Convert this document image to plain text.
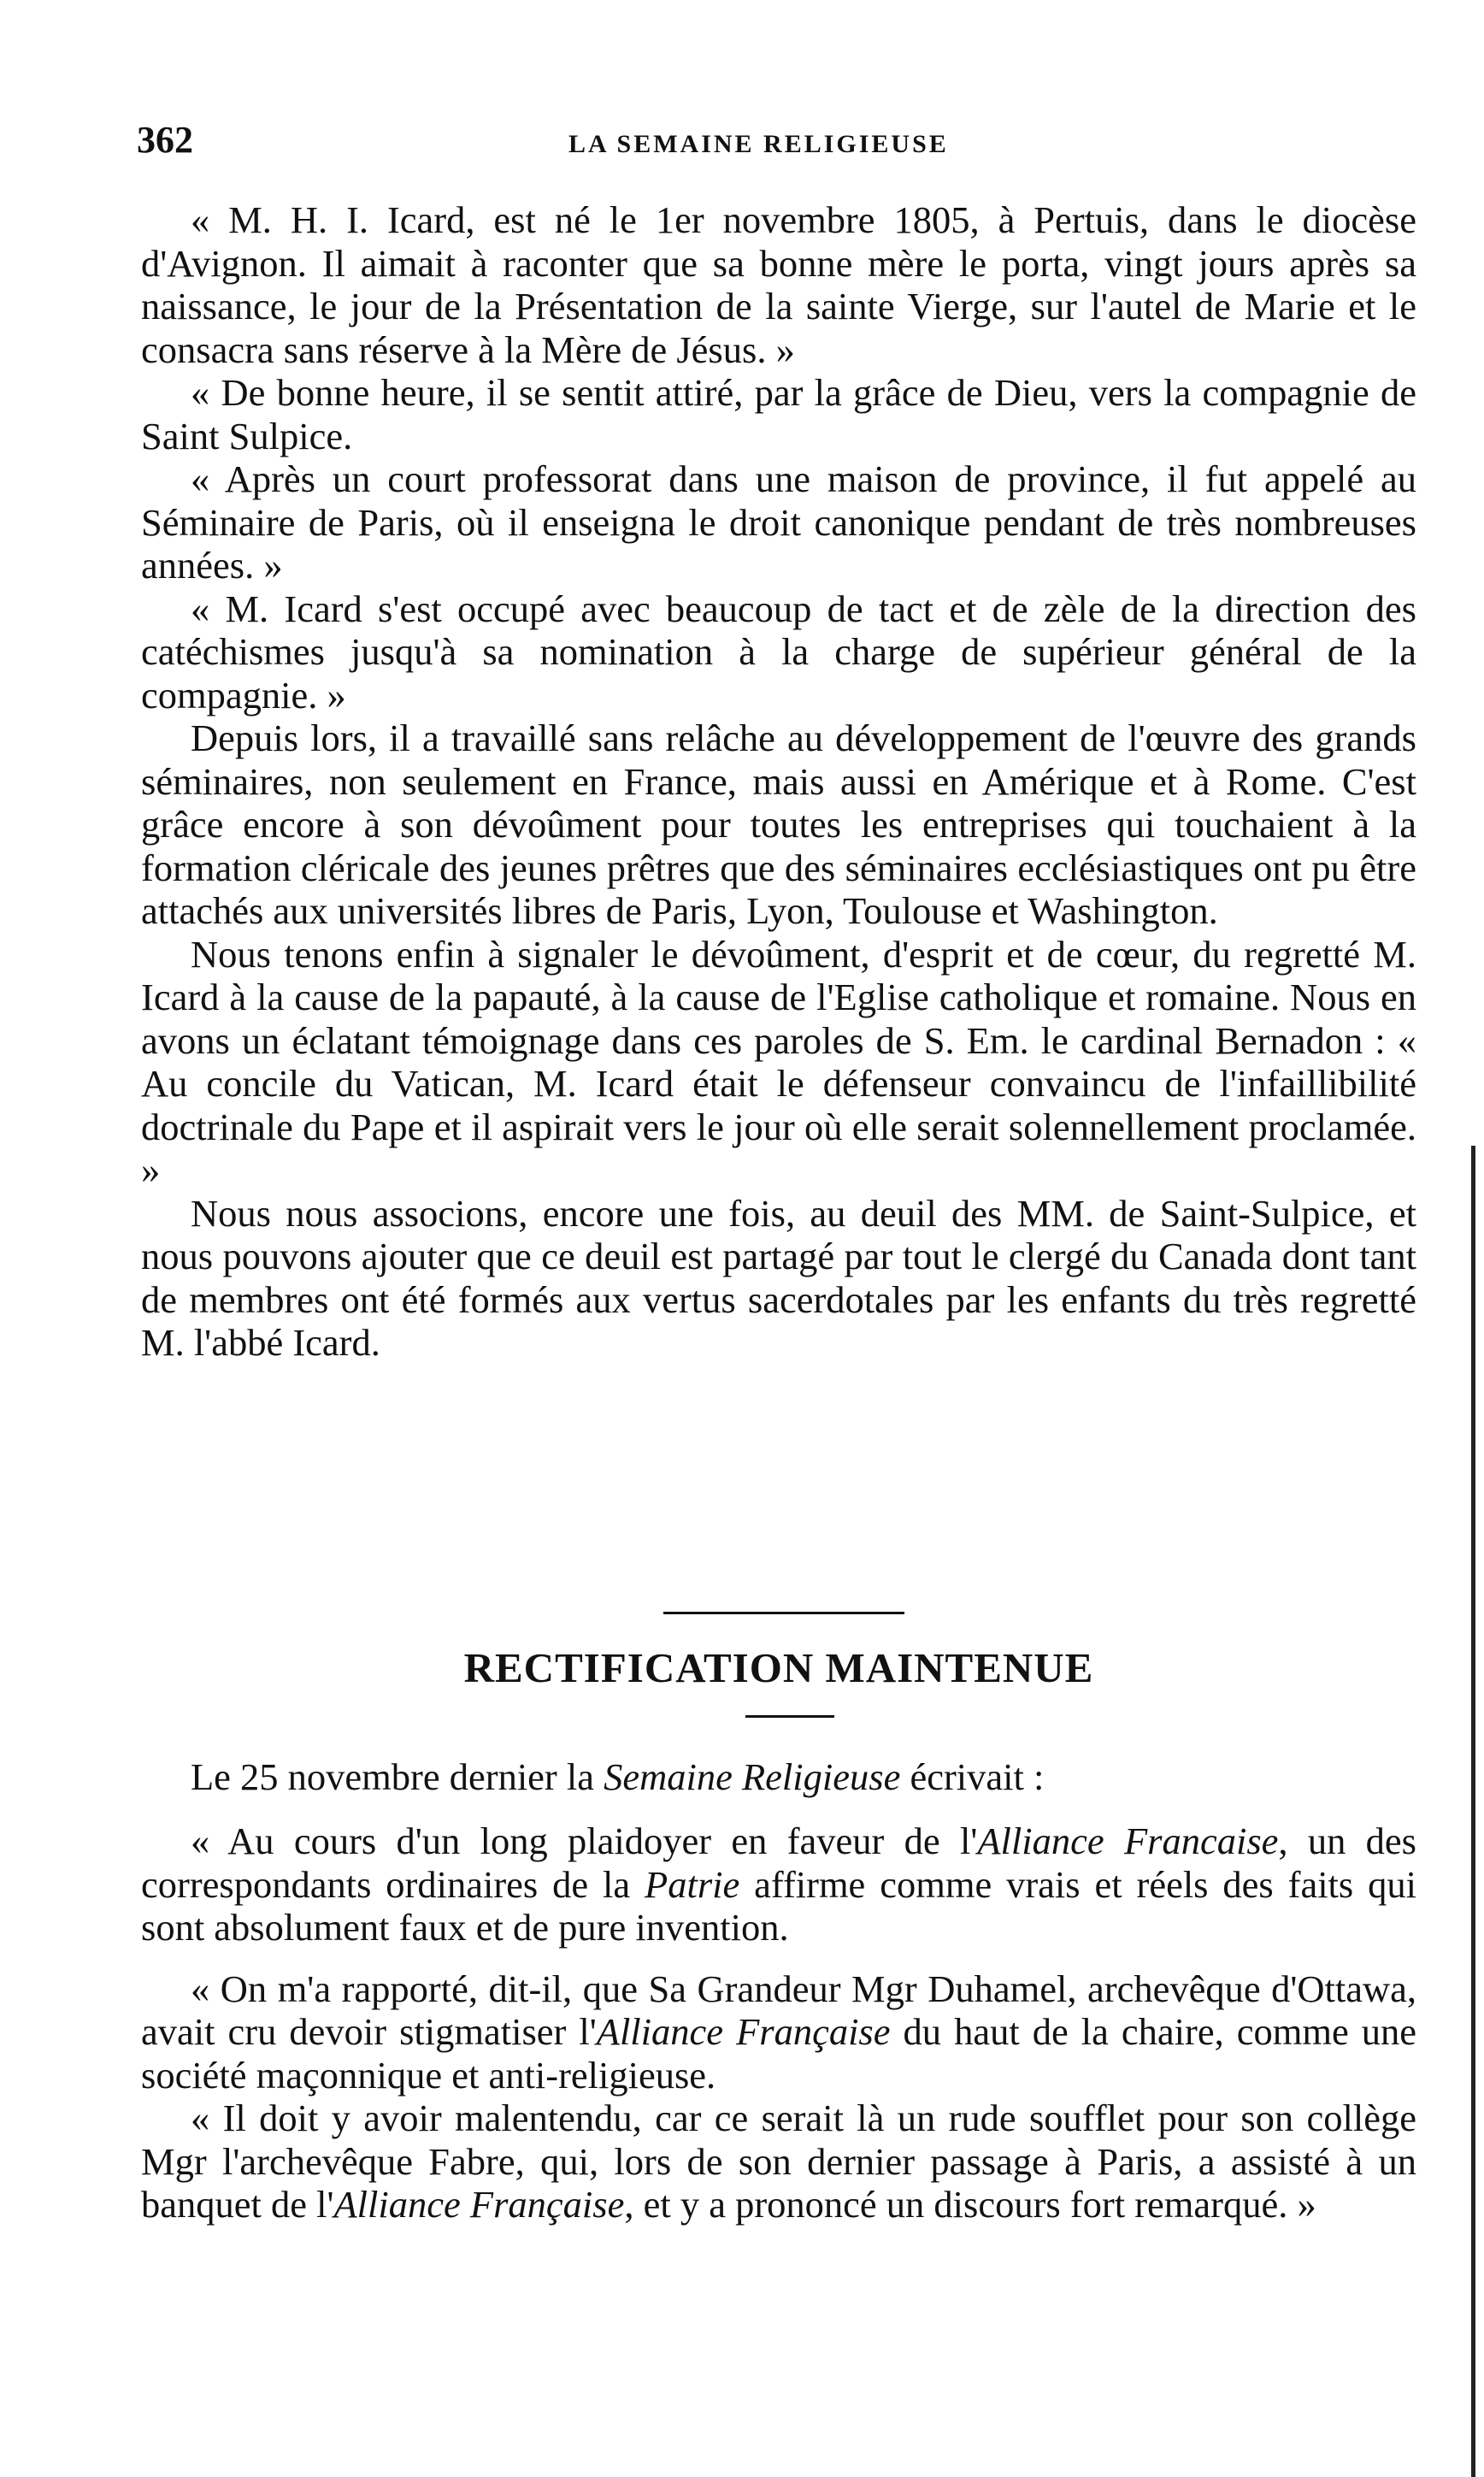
362	LA SEMAINE RELIGIEUSE

« M. H. I. Icard, est né le 1er novembre 1805, à Pertuis, dans le diocèse d'Avignon. Il aimait à raconter que sa bonne mère le porta, vingt jours après sa naissance, le jour de la Présentation de la sainte Vierge, sur l'autel de Marie et le consacra sans réserve à la Mère de Jésus. »

« De bonne heure, il se sentit attiré, par la grâce de Dieu, vers la compagnie de Saint Sulpice.

« Après un court professorat dans une maison de province, il fut appelé au Séminaire de Paris, où il enseigna le droit canonique pendant de très nombreuses années. »

« M. Icard s'est occupé avec beaucoup de tact et de zèle de la direction des catéchismes jusqu'à sa nomination à la charge de supérieur général de la compagnie. »

Depuis lors, il a travaillé sans relâche au développement de l'œuvre des grands séminaires, non seulement en France, mais aussi en Amérique et à Rome. C'est grâce encore à son dévoûment pour toutes les entreprises qui touchaient à la formation cléricale des jeunes prêtres que des séminaires ecclésiastiques ont pu être attachés aux universités libres de Paris, Lyon, Toulouse et Washington.

Nous tenons enfin à signaler le dévoûment, d'esprit et de cœur, du regretté M. Icard à la cause de la papauté, à la cause de l'Eglise catholique et romaine. Nous en avons un éclatant témoignage dans ces paroles de S. Em. le cardinal Bernadon : « Au concile du Vatican, M. Icard était le défenseur convaincu de l'infaillibilité doctrinale du Pape et il aspirait vers le jour où elle serait solennellement proclamée. »

Nous nous associons, encore une fois, au deuil des MM. de Saint-Sulpice, et nous pouvons ajouter que ce deuil est partagé par tout le clergé du Canada dont tant de membres ont été formés aux vertus sacerdotales par les enfants du très regretté M. l'abbé Icard.

RECTIFICATION MAINTENUE

Le 25 novembre dernier la Semaine Religieuse écrivait :

« Au cours d'un long plaidoyer en faveur de l'Alliance Francaise, un des correspondants ordinaires de la Patrie affirme comme vrais et réels des faits qui sont absolument faux et de pure invention.

« On m'a rapporté, dit-il, que Sa Grandeur Mgr Duhamel, archevêque d'Ottawa, avait cru devoir stigmatiser l'Alliance Française du haut de la chaire, comme une société maçonnique et anti-religieuse.

« Il doit y avoir malentendu, car ce serait là un rude soufflet pour son collège Mgr l'archevêque Fabre, qui, lors de son dernier passage à Paris, a assisté à un banquet de l'Alliance Française, et y a prononcé un discours fort remarqué. »
